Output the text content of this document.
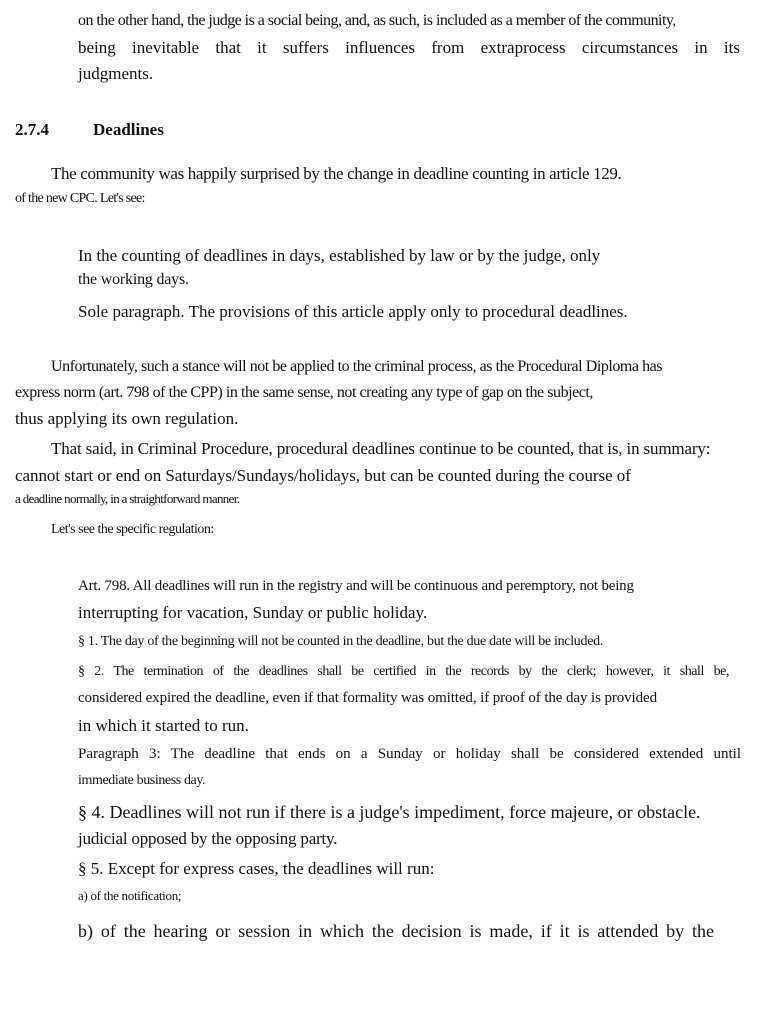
on the other hand, the judge is a social being, and, as such, is included as a member of the community,
being inevitable that it suffers influences from extraprocess circumstances in its
judgments.
2.7.4	Deadlines
The community was happily surprised by the change in deadline counting in article 129.
of the new CPC. Let's see:
In the counting of deadlines in days, established by law or by the judge, only
the working days.
Sole paragraph. The provisions of this article apply only to procedural deadlines.
Unfortunately, such a stance will not be applied to the criminal process, as the Procedural Diploma has
express norm (art. 798 of the CPP) in the same sense, not creating any type of gap on the subject,
thus applying its own regulation.
That said, in Criminal Procedure, procedural deadlines continue to be counted, that is, in summary:
cannot start or end on Saturdays/Sundays/holidays, but can be counted during the course of
a deadline normally, in a straightforward manner.
Let's see the specific regulation:
Art. 798. All deadlines will run in the registry and will be continuous and peremptory, not being
interrupting for vacation, Sunday or public holiday.
§ 1. The day of the beginning will not be counted in the deadline, but the due date will be included.
§ 2. The termination of the deadlines shall be certified in the records by the clerk; however, it shall be,
considered expired the deadline, even if that formality was omitted, if proof of the day is provided
in which it started to run.
Paragraph 3: The deadline that ends on a Sunday or holiday shall be considered extended until
immediate business day.
§ 4. Deadlines will not run if there is a judge's impediment, force majeure, or obstacle.
judicial opposed by the opposing party.
§ 5. Except for express cases, the deadlines will run:
a) of the notification;
b) of the hearing or session in which the decision is made, if it is attended by the
